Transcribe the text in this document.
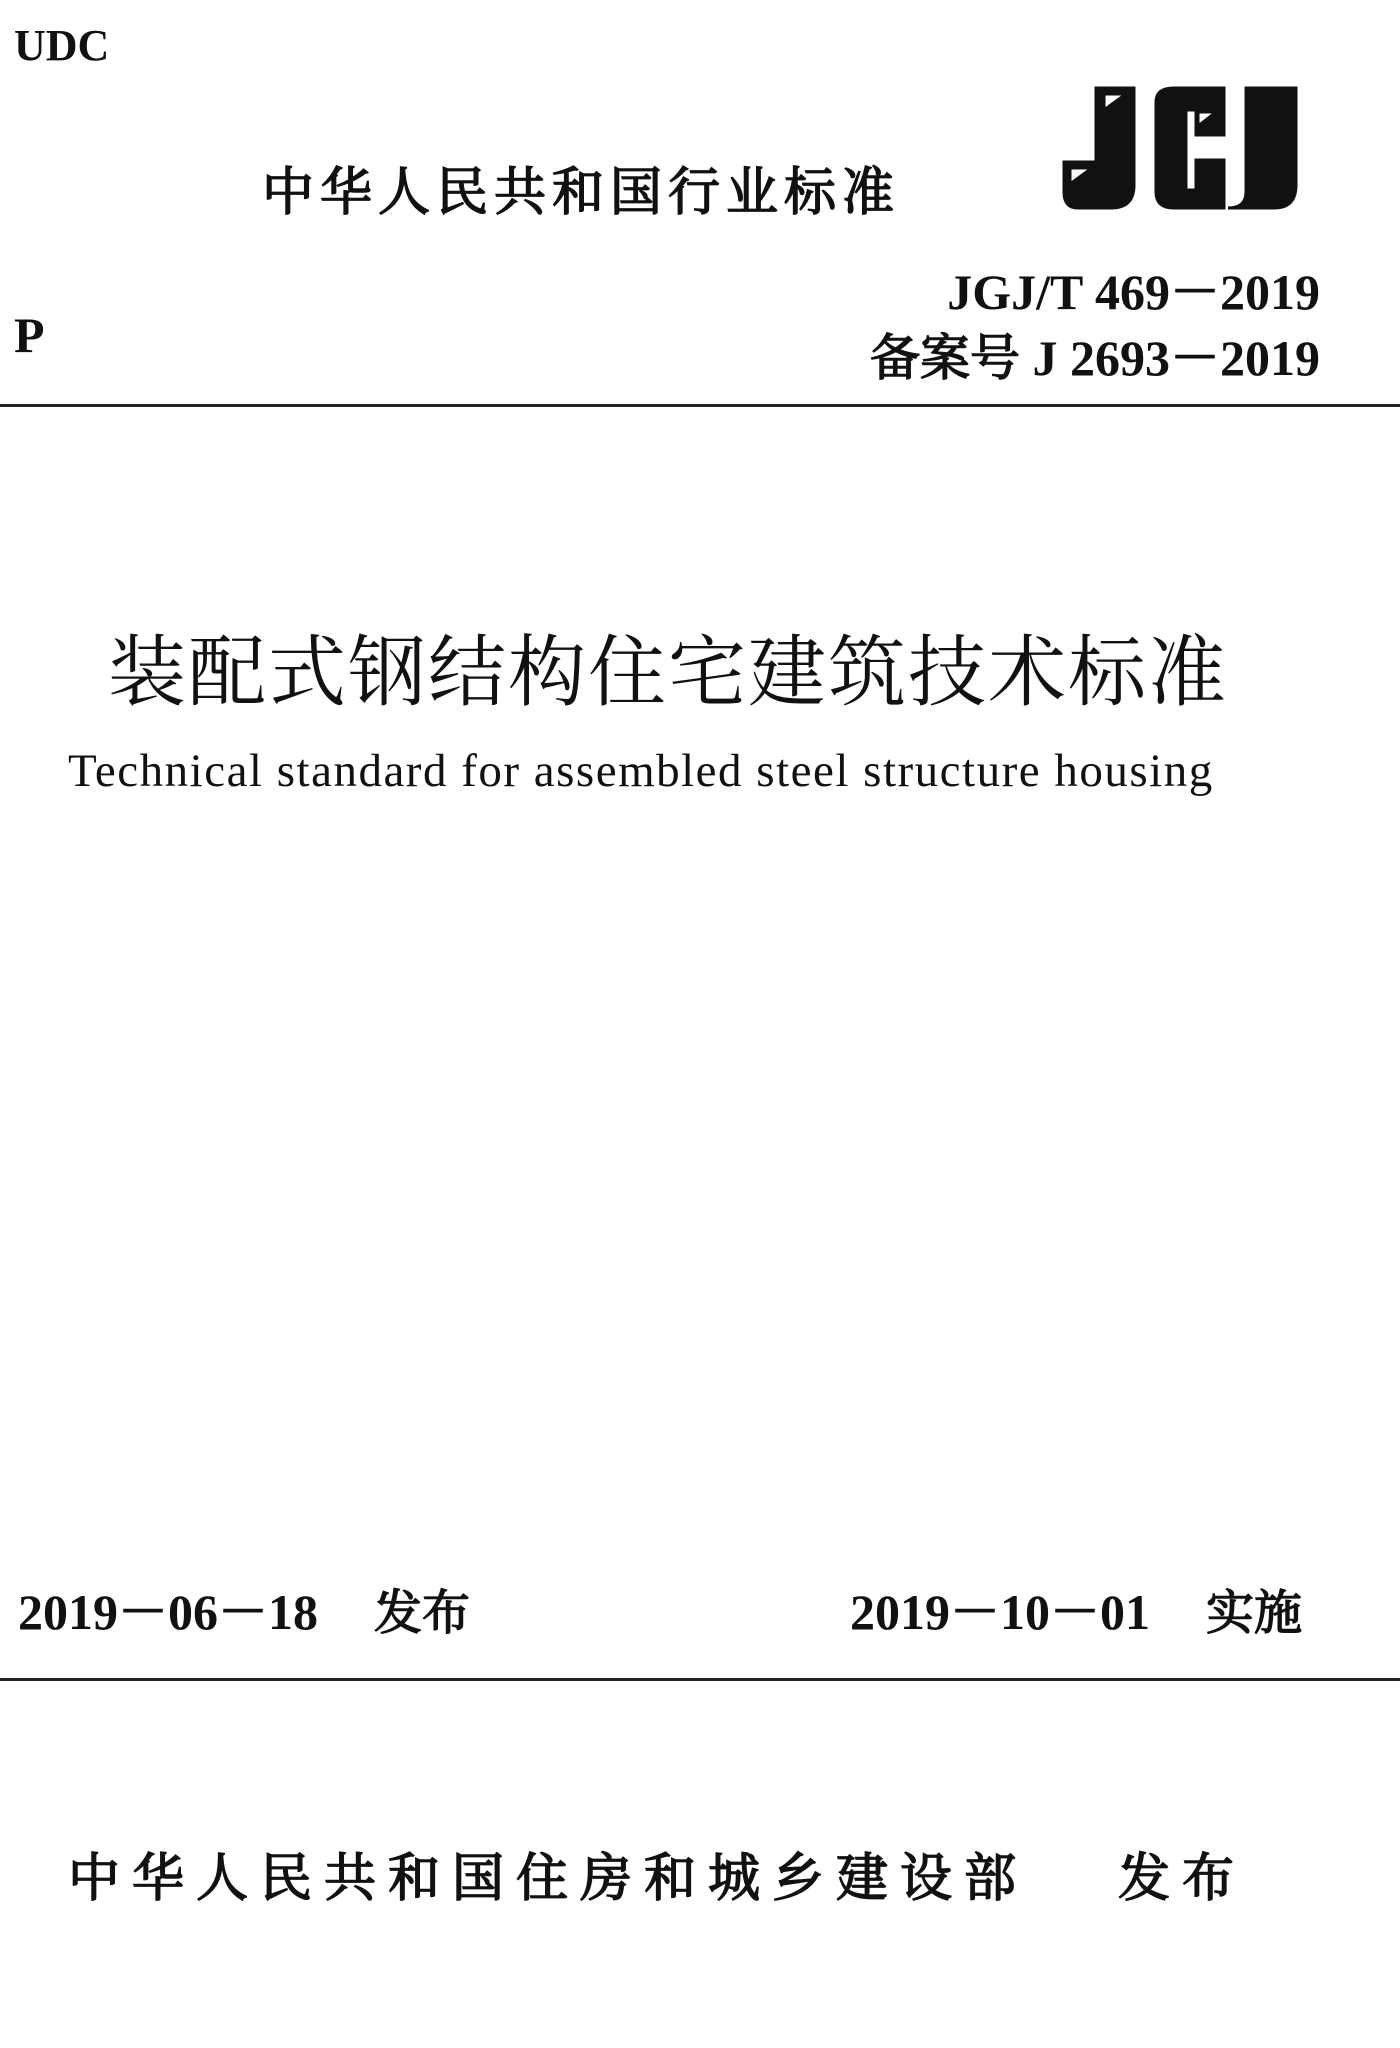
UDC
中华人民共和国行业标准
JGJ/T 469－2019
P	备案号 J 2693－2019
装配式钢结构住宅建筑技术标准
Technical standard for assembled steel structure housing
2019－06－18 发布	2019－10－01 实施
中华人民共和国住房和城乡建设部 发布
